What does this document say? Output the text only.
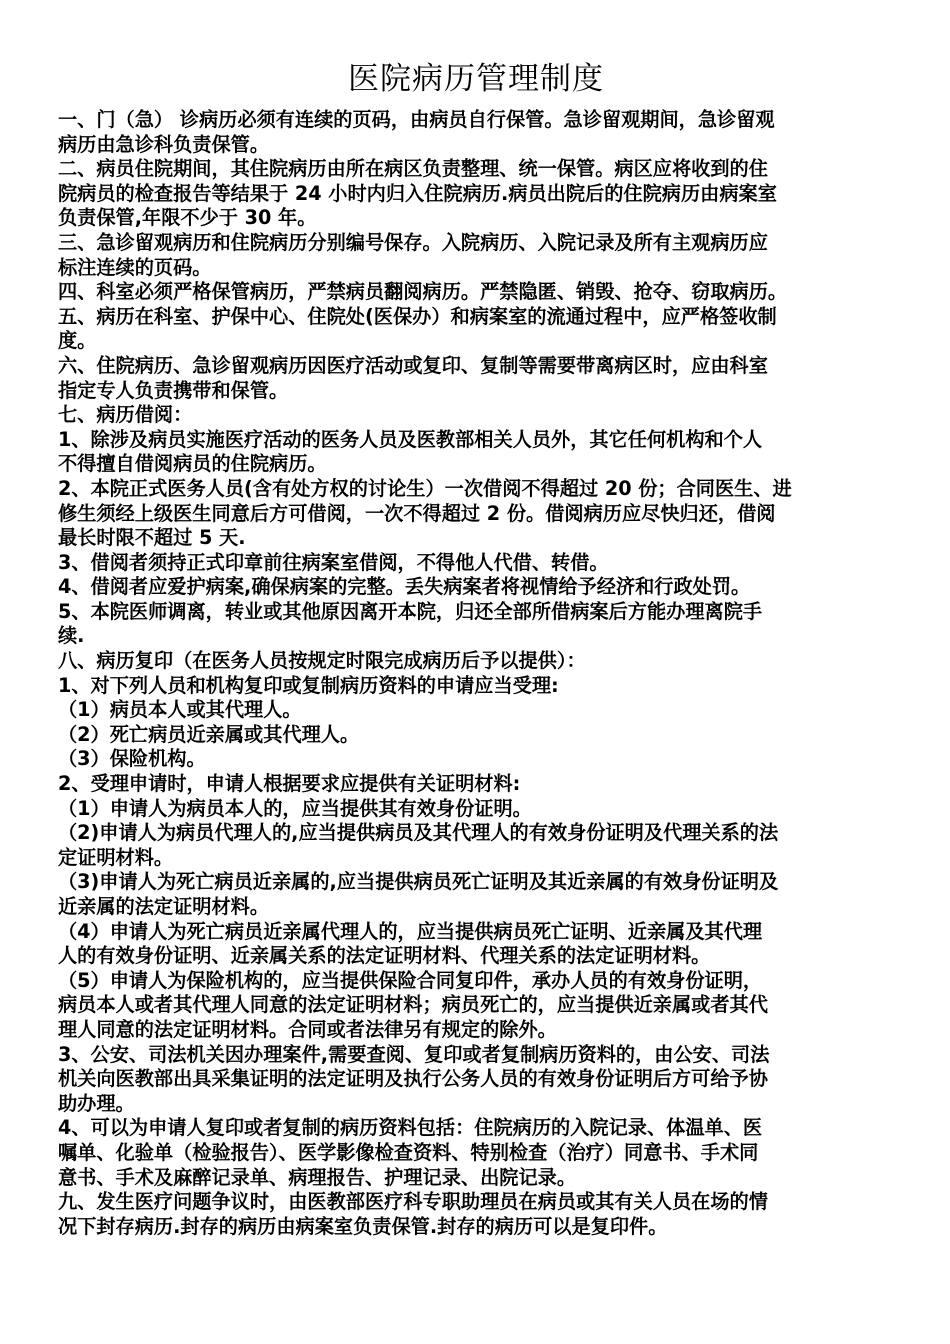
医院病历管理制度
一、门（急） 诊病历必须有连续的页码，由病员自行保管。急诊留观期间，急诊留观
病历由急诊科负责保管。
二、病员住院期间，其住院病历由所在病区负责整理、统一保管。病区应将收到的住
院病员的检查报告等结果于 24 小时内归入住院病历.病员出院后的住院病历由病案室
负责保管,年限不少于 30 年。
三、急诊留观病历和住院病历分别编号保存。入院病历、入院记录及所有主观病历应
标注连续的页码。
四、科室必须严格保管病历，严禁病员翻阅病历。严禁隐匿、销毁、抢夺、窃取病历。
五、病历在科室、护保中心、住院处(医保办）和病案室的流通过程中，应严格签收制
度。
六、住院病历、急诊留观病历因医疗活动或复印、复制等需要带离病区时，应由科室
指定专人负责携带和保管。
七、病历借阅：
1、除涉及病员实施医疗活动的医务人员及医教部相关人员外，其它任何机构和个人
不得擅自借阅病员的住院病历。
2、本院正式医务人员(含有处方权的讨论生）一次借阅不得超过 20 份；合同医生、进
修生须经上级医生同意后方可借阅，一次不得超过 2 份。借阅病历应尽快归还，借阅
最长时限不超过 5 天.
3、借阅者须持正式印章前往病案室借阅，不得他人代借、转借。
4、借阅者应爱护病案,确保病案的完整。丢失病案者将视情给予经济和行政处罚。
5、本院医师调离，转业或其他原因离开本院，归还全部所借病案后方能办理离院手
续.
八、病历复印（在医务人员按规定时限完成病历后予以提供）：
1、对下列人员和机构复印或复制病历资料的申请应当受理:
（1）病员本人或其代理人。
（2）死亡病员近亲属或其代理人。
（3）保险机构。
2、受理申请时，申请人根据要求应提供有关证明材料:
（1）申请人为病员本人的，应当提供其有效身份证明。
（2)申请人为病员代理人的,应当提供病员及其代理人的有效身份证明及代理关系的法
定证明材料。
（3)申请人为死亡病员近亲属的,应当提供病员死亡证明及其近亲属的有效身份证明及
近亲属的法定证明材料。
（4）申请人为死亡病员近亲属代理人的，应当提供病员死亡证明、近亲属及其代理
人的有效身份证明、近亲属关系的法定证明材料、代理关系的法定证明材料。
（5）申请人为保险机构的，应当提供保险合同复印件，承办人员的有效身份证明，
病员本人或者其代理人同意的法定证明材料；病员死亡的，应当提供近亲属或者其代
理人同意的法定证明材料。合同或者法律另有规定的除外。
3、公安、司法机关因办理案件,需要查阅、复印或者复制病历资料的，由公安、司法
机关向医教部出具采集证明的法定证明及执行公务人员的有效身份证明后方可给予协
助办理。
4、可以为申请人复印或者复制的病历资料包括：住院病历的入院记录、体温单、医
嘱单、化验单（检验报告）、医学影像检查资料、特别检查（治疗）同意书、手术同
意书、手术及麻醉记录单、病理报告、护理记录、出院记录。
九、发生医疗问题争议时，由医教部医疗科专职助理员在病员或其有关人员在场的情
况下封存病历.封存的病历由病案室负责保管.封存的病历可以是复印件。
